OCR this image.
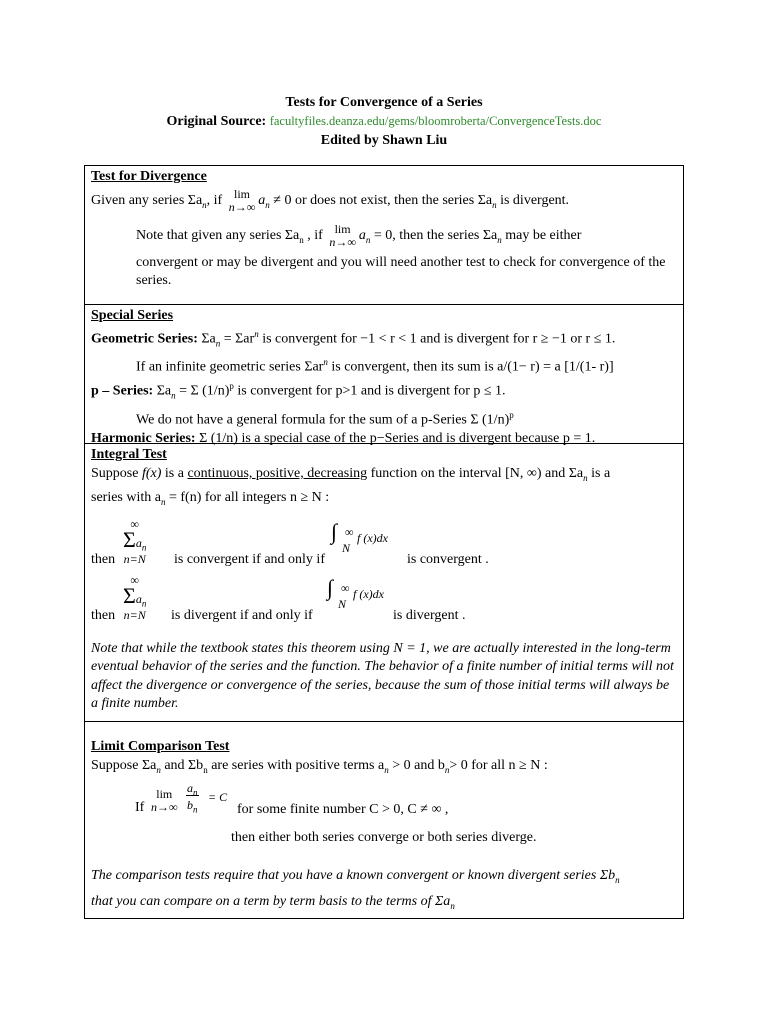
Tests for Convergence of a Series
Original Source: facultyfiles.deanza.edu/gems/bloomroberta/ConvergenceTests.doc
Edited by Shawn Liu
Test for Divergence
Given any series $\Sigma a_n$, if lim
n→∞ $a_n \ne 0$ or does not exist, then the series $\Sigma a_n$ is divergent.
Note that given any series $\Sigma a_n$ , if lim
n→∞ $a_n = 0$, then the series $\Sigma a_n$ may be either
convergent or may be divergent and you will need another test to check for convergence of the series.
Special Series
Geometric Series: $\Sigma a_n = \Sigma ar^n$ is convergent for −1 < r < 1 and is divergent for r ≥ −1 or r ≤ 1.
If an infinite geometric series Σar$^n$ is convergent, then its sum is a/(1− r) = a [1/(1- r)]
p – Series: $\Sigma a_n = \Sigma$ $(1/n)^p$ is convergent for p>1 and is divergent for p ≤ 1.
We do not have a general formula for the sum of a p-Series Σ $(1/n)^p$
Harmonic Series: Σ (1/n) is a special case of the p−Series and is divergent because p = 1.
Integral Test
Suppose f(x) is a continuous, positive, decreasing function on the interval [N, ∞) and $\Sigma a_n$ is a
series with $a_n = f(n)$ for all integers n ≥ N :
then
∞
$\Sigma a_n$
n=N is convergent if and only if
∫ ∞
N
f (x)dx
is convergent .
then
∞
$\Sigma a_n$
n=N is divergent if and only if
∫ ∞
N
f (x)dx
is divergent .
Note that while the textbook states this theorem using N = 1, we are actually interested in the long-term eventual behavior of the series and the function. The behavior of a finite number of initial terms will not affect the divergence or convergence of the series, because the sum of those initial terms will always be a finite number.
Limit Comparison Test
Suppose $\Sigma a_n$ and $\Sigma b_n$ are series with positive terms $a_n > 0$ and $b_n> 0$ for all n ≥ N :
If
lim
$n\to\infty \frac{a_n}{b_n} = C$
for some finite number C > 0, C ≠ ∞ ,
then either both series converge or both series diverge.
The comparison tests require that you have a known convergent or known divergent series $\Sigma b_n$
that you can compare on a term by term basis to the terms of $\Sigma a_n$
